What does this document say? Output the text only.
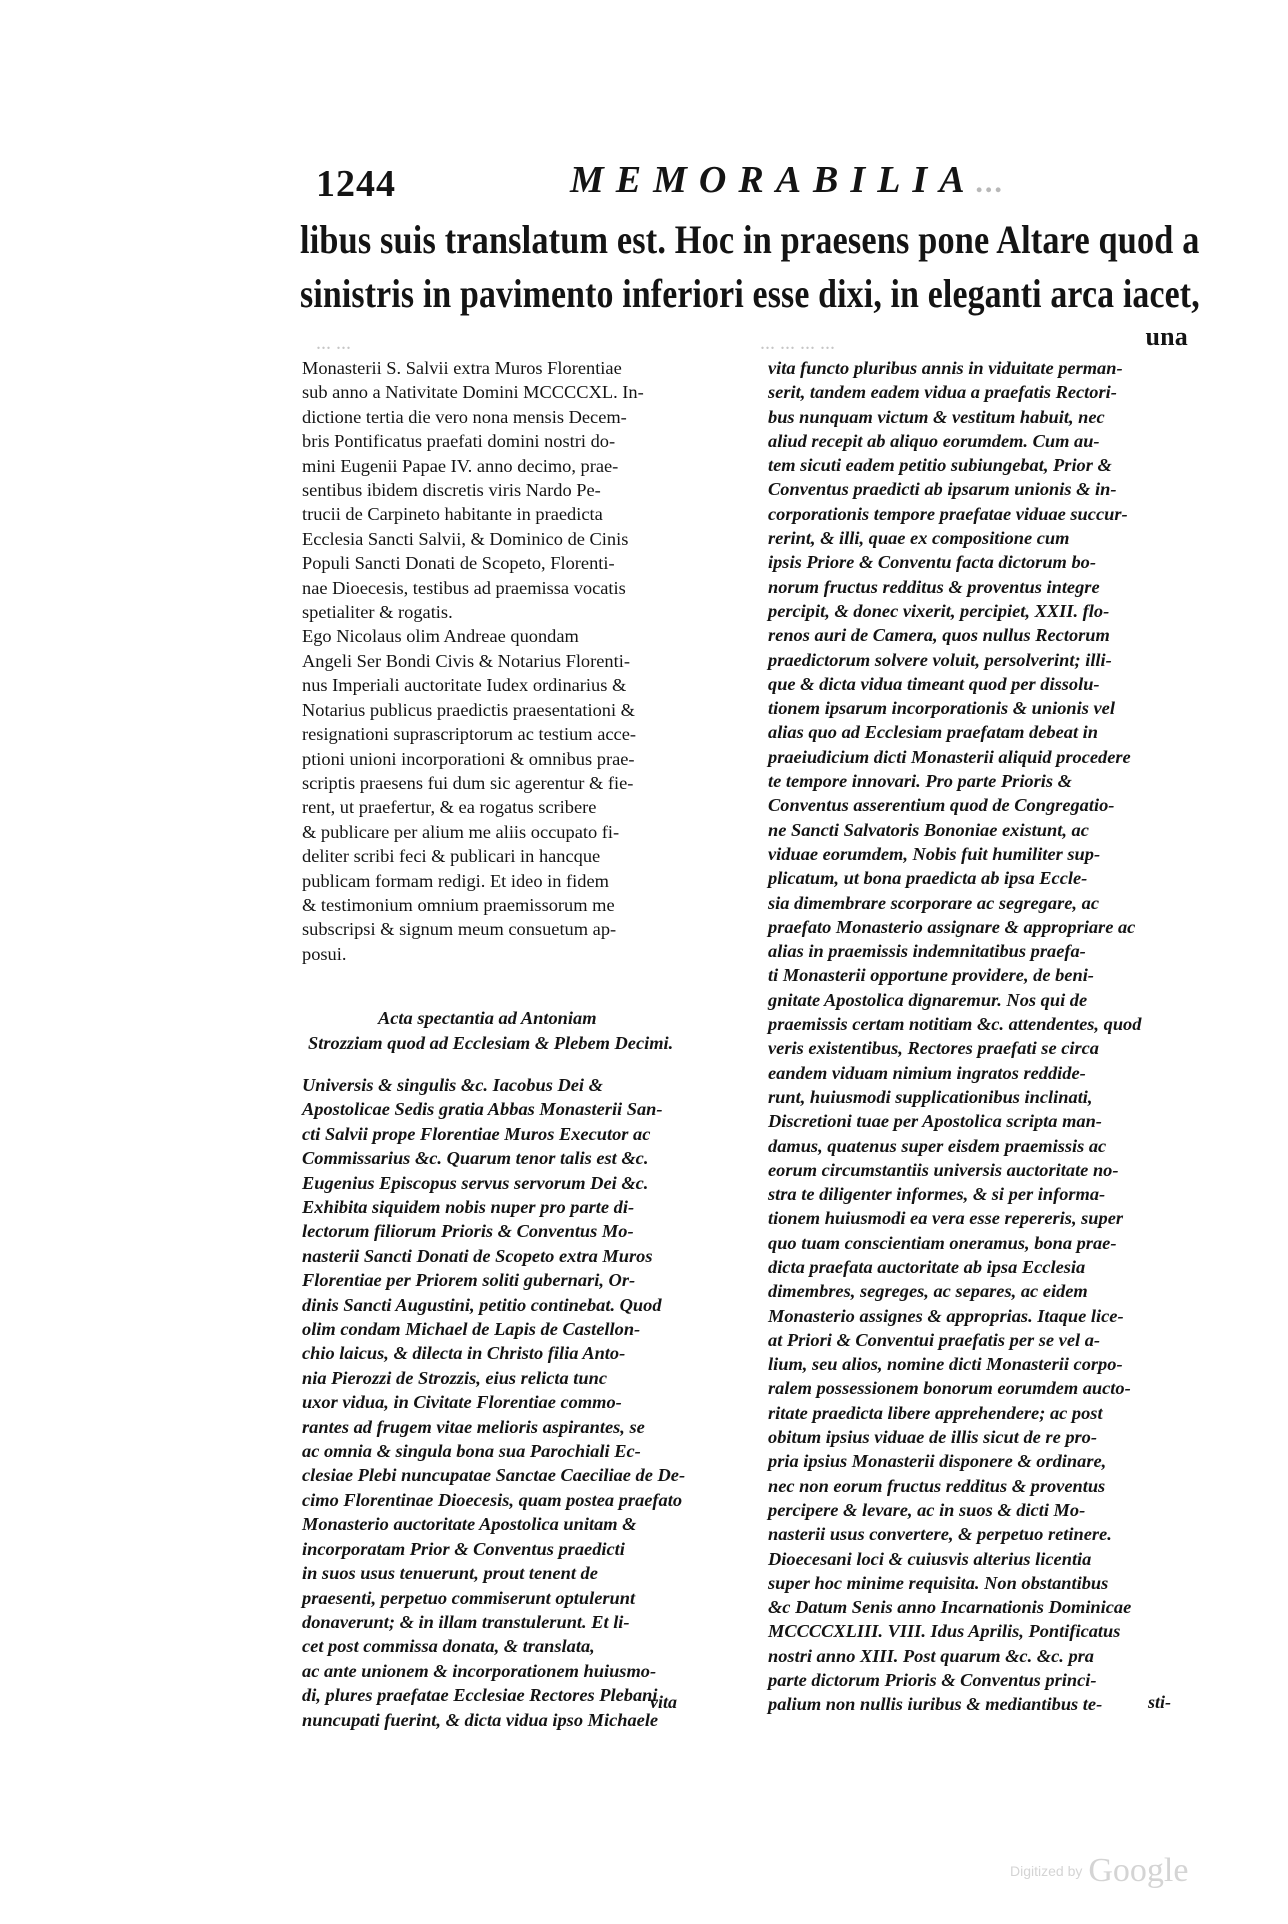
1244	MEMORABILIA...
libus suis translatum est. Hoc in praesens pone Altare quod a
sinistris in pavimento inferiori esse dixi, in eleganti arca iacet,
una
... ...	... ... ... ...
Monasterii S. Salvii extra Muros Florentiae
sub anno a Nativitate Domini MCCCCXL. In-
dictione tertia die vero nona mensis Decem-
bris Pontificatus praefati domini nostri do-
mini Eugenii Papae IV. anno decimo, prae-
sentibus ibidem discretis viris Nardo Pe-
trucii de Carpineto habitante in praedicta
Ecclesia Sancti Salvii, & Dominico de Cinis
Populi Sancti Donati de Scopeto, Florenti-
nae Dioecesis, testibus ad praemissa vocatis
spetialiter & rogatis.
Ego Nicolaus olim Andreae quondam
Angeli Ser Bondi Civis & Notarius Florenti-
nus Imperiali auctoritate Iudex ordinarius &
Notarius publicus praedictis praesentationi &
resignationi suprascriptorum ac testium acce-
ptioni unioni incorporationi & omnibus prae-
scriptis praesens fui dum sic agerentur & fie-
rent, ut praefertur, & ea rogatus scribere
& publicare per alium me aliis occupato fi-
deliter scribi feci & publicari in hancque
publicam formam redigi. Et ideo in fidem
& testimonium omnium praemissorum me
subscripsi & signum meum consuetum ap-
posui.
Acta spectantia ad Antoniam
Strozziam quod ad Ecclesiam & Plebem Decimi.
Universis & singulis &c. Iacobus Dei &
Apostolicae Sedis gratia Abbas Monasterii San-
cti Salvii prope Florentiae Muros Executor ac
Commissarius &c. Quarum tenor talis est &c.
Eugenius Episcopus servus servorum Dei &c.
Exhibita siquidem nobis nuper pro parte di-
lectorum filiorum Prioris & Conventus Mo-
nasterii Sancti Donati de Scopeto extra Muros
Florentiae per Priorem soliti gubernari, Or-
dinis Sancti Augustini, petitio continebat. Quod
olim condam Michael de Lapis de Castellon-
chio laicus, & dilecta in Christo filia Anto-
nia Pierozzi de Strozzis, eius relicta tunc
uxor vidua, in Civitate Florentiae commo-
rantes ad frugem vitae melioris aspirantes, se
ac omnia & singula bona sua Parochiali Ec-
clesiae Plebi nuncupatae Sanctae Caeciliae de De-
cimo Florentinae Dioecesis, quam postea praefato
Monasterio auctoritate Apostolica unitam &
incorporatam Prior & Conventus praedicti
in suos usus tenuerunt, prout tenent de
praesenti, perpetuo commiserunt optulerunt
donaverunt; & in illam transtulerunt. Et li-
cet post commissa donata, & translata,
ac ante unionem & incorporationem huiusmo-
di, plures praefatae Ecclesiae Rectores Plebani
nuncupati fuerint, & dicta vidua ipso Michaele
vita functo pluribus annis in viduitate perman-
serit, tandem eadem vidua a praefatis Rectori-
bus nunquam victum & vestitum habuit, nec
aliud recepit ab aliquo eorumdem. Cum au-
tem sicuti eadem petitio subiungebat, Prior &
Conventus praedicti ab ipsarum unionis & in-
corporationis tempore praefatae viduae succur-
rerint, & illi, quae ex compositione cum
ipsis Priore & Conventu facta dictorum bo-
norum fructus redditus & proventus integre
percipit, & donec vixerit, percipiet, XXII. flo-
renos auri de Camera, quos nullus Rectorum
praedictorum solvere voluit, persolverint; illi-
que & dicta vidua timeant quod per dissolu-
tionem ipsarum incorporationis & unionis vel
alias quo ad Ecclesiam praefatam debeat in
praeiudicium dicti Monasterii aliquid procedere
te tempore innovari. Pro parte Prioris &
Conventus asserentium quod de Congregatio-
ne Sancti Salvatoris Bononiae existunt, ac
viduae eorumdem, Nobis fuit humiliter sup-
plicatum, ut bona praedicta ab ipsa Eccle-
sia dimembrare scorporare ac segregare, ac
praefato Monasterio assignare & appropriare ac
alias in praemissis indemnitatibus praefa-
ti Monasterii opportune providere, de beni-
gnitate Apostolica dignaremur. Nos qui de
praemissis certam notitiam &c. attendentes, quod
veris existentibus, Rectores praefati se circa
eandem viduam nimium ingratos reddide-
runt, huiusmodi supplicationibus inclinati,
Discretioni tuae per Apostolica scripta man-
damus, quatenus super eisdem praemissis ac
eorum circumstantiis universis auctoritate no-
stra te diligenter informes, & si per informa-
tionem huiusmodi ea vera esse repereris, super
quo tuam conscientiam oneramus, bona prae-
dicta praefata auctoritate ab ipsa Ecclesia
dimembres, segreges, ac separes, ac eidem
Monasterio assignes & approprias. Itaque lice-
at Priori & Conventui praefatis per se vel a-
lium, seu alios, nomine dicti Monasterii corpo-
ralem possessionem bonorum eorumdem aucto-
ritate praedicta libere apprehendere; ac post
obitum ipsius viduae de illis sicut de re pro-
pria ipsius Monasterii disponere & ordinare,
nec non eorum fructus redditus & proventus
percipere & levare, ac in suos & dicti Mo-
nasterii usus convertere, & perpetuo retinere.
Dioecesani loci & cuiusvis alterius licentia
super hoc minime requisita. Non obstantibus
&c Datum Senis anno Incarnationis Dominicae
MCCCCXLIII. VIII. Idus Aprilis, Pontificatus
nostri anno XIII. Post quarum &c. &c. pra
parte dictorum Prioris & Conventus princi-
palium non nullis iuribus & mediantibus te-
vita	sti-
Digitized by Google
